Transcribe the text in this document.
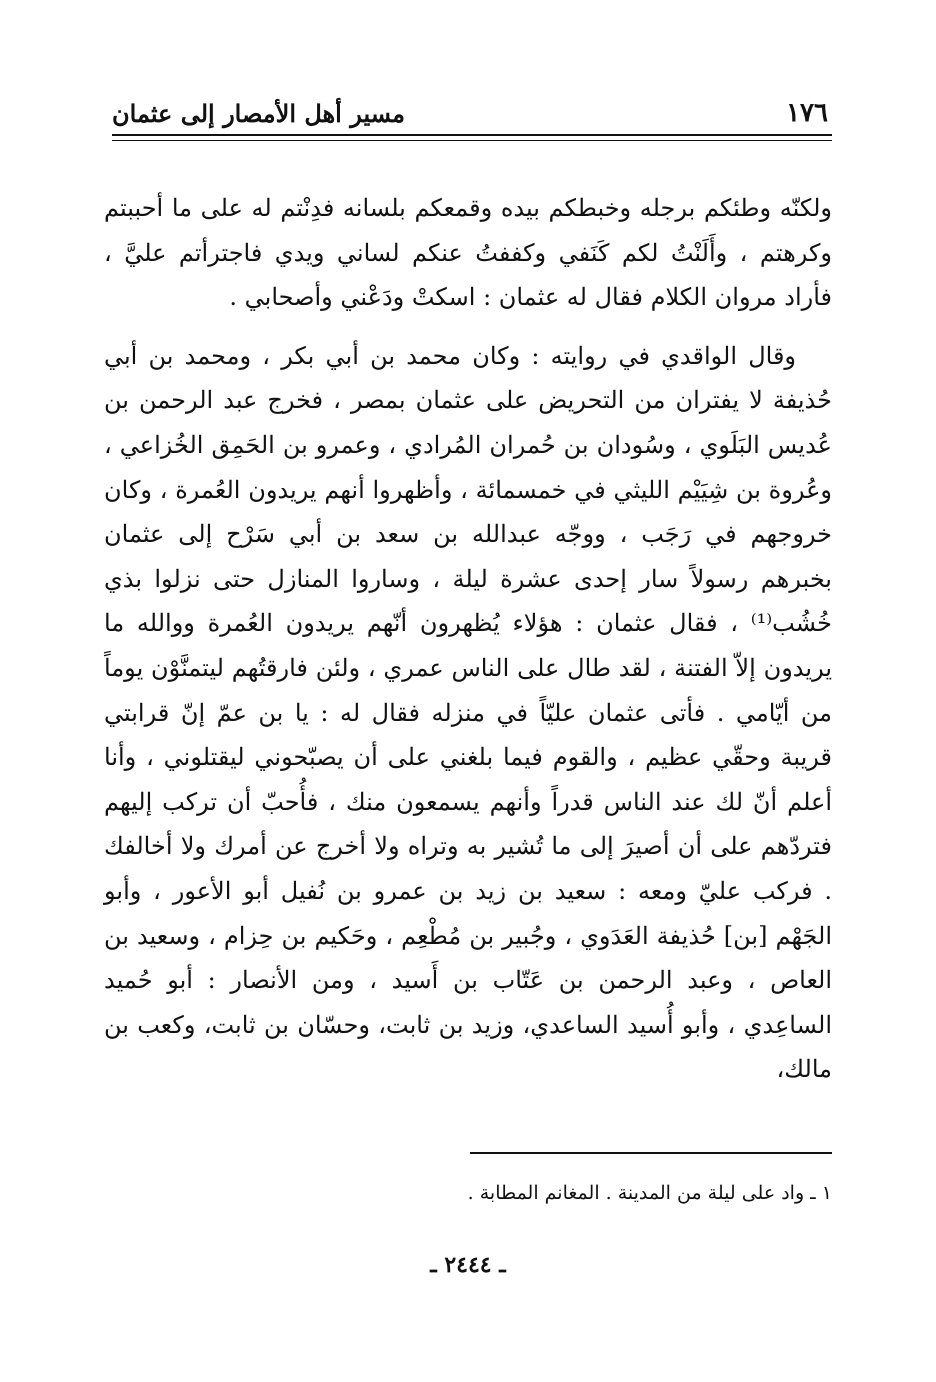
١٧٦
مسير أهل الأمصار إلى عثمان

ولكنّه وطئكم برجله وخبطكم بيده وقمعكم بلسانه فدِنْتم له على ما أحببتم وكرهتم ، وأَلَنْتُ لكم كَنَفي وكففتُ عنكم لساني ويدي فاجترأتم عليَّ ، فأراد مروان الكلام فقال له عثمان : اسكتْ ودَعْني وأصحابي .

وقال الواقدي في روايته : وكان محمد بن أبي بكر ، ومحمد بن أبي حُذيفة لا يفتران من التحريض على عثمان بمصر ، فخرج عبد الرحمن بن عُديس البَلَوي ، وسُودان بن حُمران المُرادي ، وعمرو بن الحَمِق الخُزاعي ، وعُروة بن شِيَيْم الليثي في خمسمائة ، وأظهروا أنهم يريدون العُمرة ، وكان خروجهم في رَجَب ، ووجّه عبدالله بن سعد بن أبي سَرْح إلى عثمان بخبرهم رسولاً سار إحدى عشرة ليلة ، وساروا المنازل حتى نزلوا بذي خُشُب⁽¹⁾ ، فقال عثمان : هؤلاء يُظهرون أنّهم يريدون العُمرة ووالله ما يريدون إلاّ الفتنة ، لقد طال على الناس عمري ، ولئن فارقتُهم ليتمنَّوْن يوماً من أيّامي . فأتى عثمان عليّاً في منزله فقال له : يا بن عمّ إنّ قرابتي قريبة وحقّي عظيم ، والقوم فيما بلغني على أن يصبّحوني ليقتلوني ، وأنا أعلم أنّ لك عند الناس قدراً وأنهم يسمعون منك ، فأُحبّ أن تركب إليهم فتردّهم على أن أصيرَ إلى ما تُشير به وتراه ولا أخرج عن أمرك ولا أخالفك . فركب عليّ ومعه : سعيد بن زيد بن عمرو بن نُفيل أبو الأعور ، وأبو الجَهْم [بن] حُذيفة العَدَوي ، وجُبير بن مُطْعِم ، وحَكيم بن حِزام ، وسعيد بن العاص ، وعبد الرحمن بن عَتّاب بن أَسيد ، ومن الأنصار : أبو حُميد الساعِدي ، وأبو أُسيد الساعدي، وزيد بن ثابت، وحسّان بن ثابت، وكعب بن مالك،

١ ـ واد على ليلة من المدينة . المغانم المطابة .
ـ ٢٤٤٤ ـ
